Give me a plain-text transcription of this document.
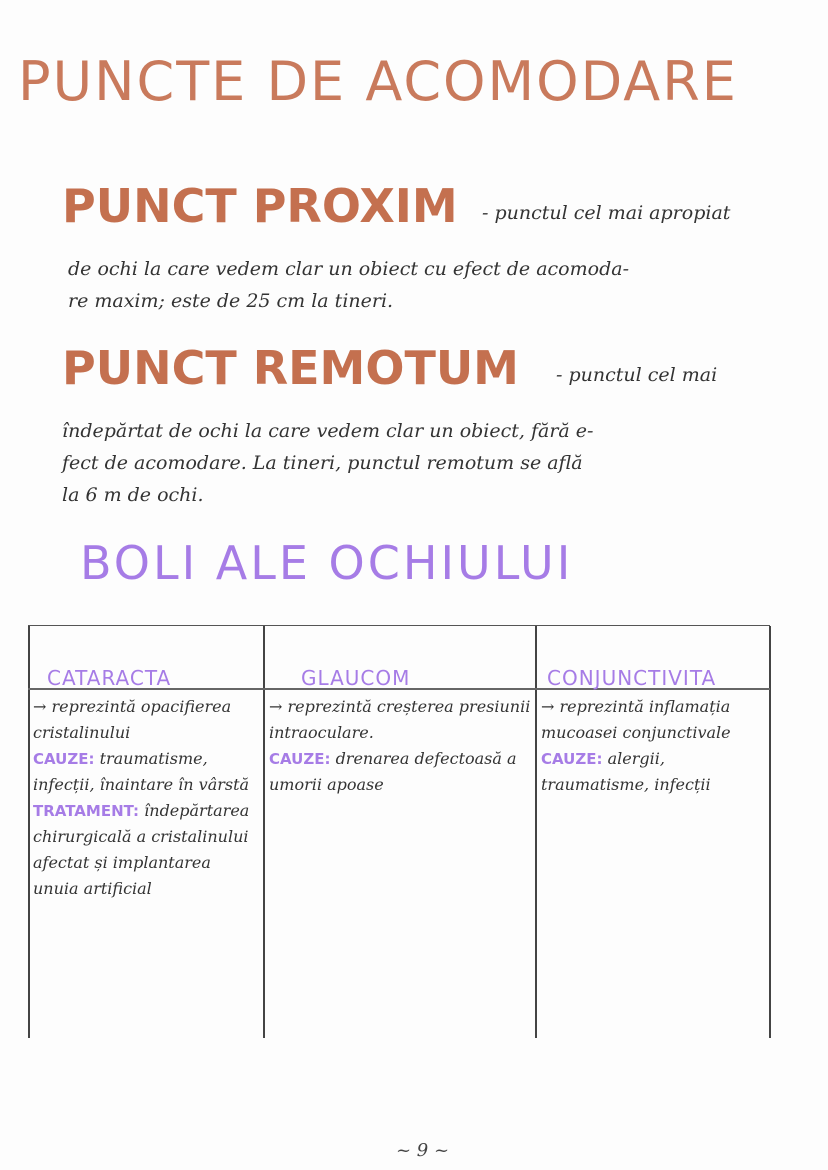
PUNCTE DE ACOMODARE
PUNCT PROXIM - punctul cel mai apropiat
de ochi la care vedem clar un obiect cu efect de acomoda-
re maxim; este de 25 cm la tineri.
PUNCT REMOTUM - punctul cel mai
îndepărtat de ochi la care vedem clar un obiect, fără e-
fect de acomodare. La tineri, punctul remotum se află
la 6 m de ochi.
BOLI ALE OCHIULUI
CATARACTA
→ reprezintă opacifierea cristalinului
CAUZE: traumatisme, infecții, înaintare în vârstă
TRATAMENT: îndepărtarea chirurgicală a cristalinului afectat și implantarea unuia artificial
GLAUCOM
→ reprezintă creșterea presiunii intraoculare.
CAUZE: drenarea defectoasă a umorii apoase
CONJUNCTIVITA
→ reprezintă inflamația mucoasei conjunctivale
CAUZE: alergii, traumatisme, infecții
~ 9 ~
